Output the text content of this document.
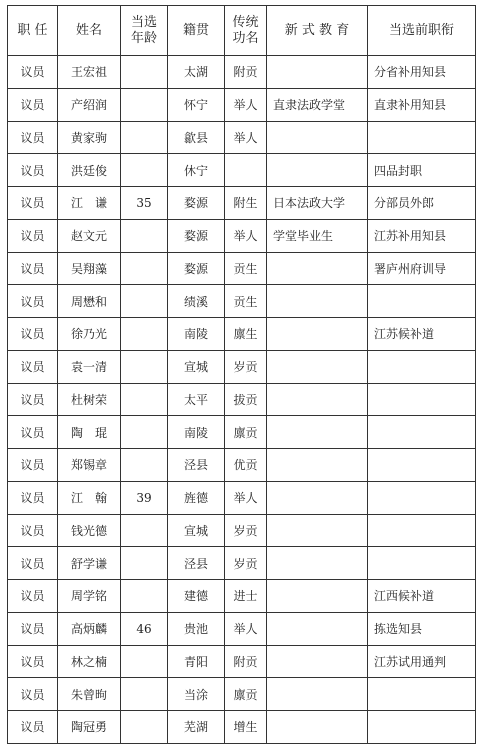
职 任	姓名	当选年龄	籍贯	传统功名	新 式 教 育	当选前职衔
议员	王宏祖		太湖	附贡		分省补用知县
议员	产绍润		怀宁	举人	直隶法政学堂	直隶补用知县
议员	黄家驹		歙县	举人		
议员	洪廷俊		休宁			四品封职
议员	江　谦	35	婺源	附生	日本法政大学	分部员外郎
议员	赵文元		婺源	举人	学堂毕业生	江苏补用知县
议员	吴翔藻		婺源	贡生		署庐州府训导
议员	周懋和		绩溪	贡生		
议员	徐乃光		南陵	廪生		江苏候补道
议员	袁一清		宣城	岁贡		
议员	杜树荣		太平	拔贡		
议员	陶　琨		南陵	廪贡		
议员	郑锡章		泾县	优贡		
议员	江　翰	39	旌德	举人		
议员	钱光德		宣城	岁贡		
议员	舒学谦		泾县	岁贡		
议员	周学铭		建德	进士		江西候补道
议员	高炳麟	46	贵池	举人		拣选知县
议员	林之楠		青阳	附贡		江苏试用通判
议员	朱曾昫		当涂	廪贡		
议员	陶冠勇		芜湖	增生		
